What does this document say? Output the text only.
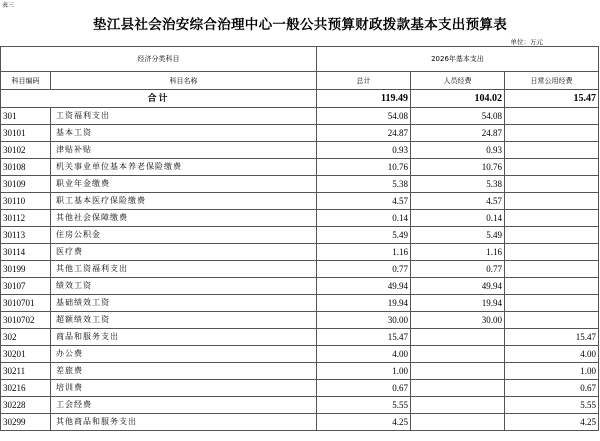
表三
垫江县社会治安综合治理中心一般公共预算财政拨款基本支出预算表
单位：万元
经济分类科目		2026年基本支出		
科目编码	科目名称	总计	人员经费	日常公用经费
合计		119.49	104.02	15.47
301	工资福利支出	54.08	54.08	
30101	基本工资	24.87	24.87	
30102	津贴补贴	0.93	0.93	
30108	机关事业单位基本养老保险缴费	10.76	10.76	
30109	职业年金缴费	5.38	5.38	
30110	职工基本医疗保险缴费	4.57	4.57	
30112	其他社会保障缴费	0.14	0.14	
30113	住房公积金	5.49	5.49	
30114	医疗费	1.16	1.16	
30199	其他工资福利支出	0.77	0.77	
30107	绩效工资	49.94	49.94	
3010701	基础绩效工资	19.94	19.94	
3010702	超额绩效工资	30.00	30.00	
302	商品和服务支出	15.47		15.47
30201	办公费	4.00		4.00
30211	差旅费	1.00		1.00
30216	培训费	0.67		0.67
30228	工会经费	5.55		5.55
30299	其他商品和服务支出	4.25		4.25
